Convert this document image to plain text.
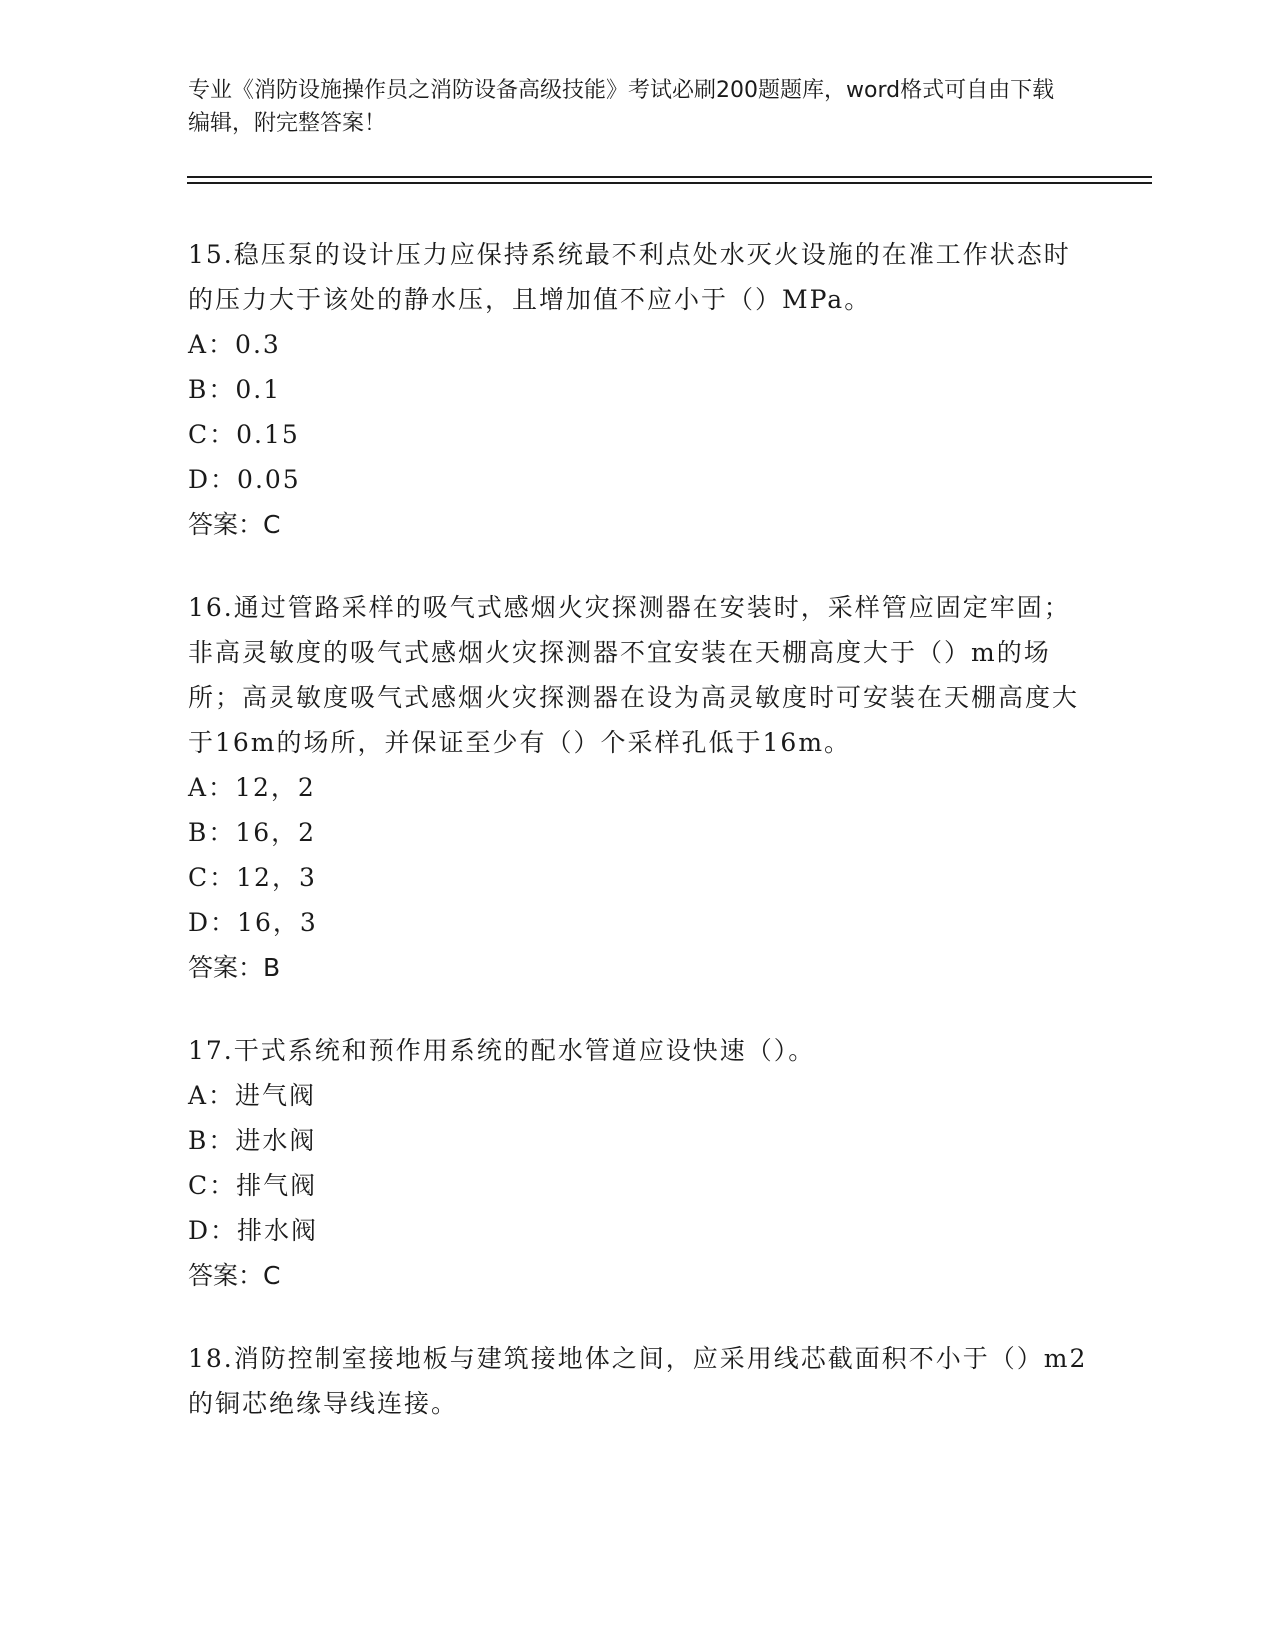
专业《消防设施操作员之消防设备高级技能》考试必刷200题题库，word格式可自由下载编辑，附完整答案！
15.稳压泵的设计压力应保持系统最不利点处水灭火设施的在准工作状态时的压力大于该处的静水压，且增加值不应小于（）MPa。
A：0.3
B：0.1
C：0.15
D：0.05
答案：C
16.通过管路采样的吸气式感烟火灾探测器在安装时，采样管应固定牢固；非高灵敏度的吸气式感烟火灾探测器不宜安装在天棚高度大于（）m的场所；高灵敏度吸气式感烟火灾探测器在设为高灵敏度时可安装在天棚高度大于16m的场所，并保证至少有（）个采样孔低于16m。
A：12，2
B：16，2
C：12，3
D：16，3
答案：B
17.干式系统和预作用系统的配水管道应设快速（）。
A：进气阀
B：进水阀
C：排气阀
D：排水阀
答案：C
18.消防控制室接地板与建筑接地体之间，应采用线芯截面积不小于（）m2的铜芯绝缘导线连接。
